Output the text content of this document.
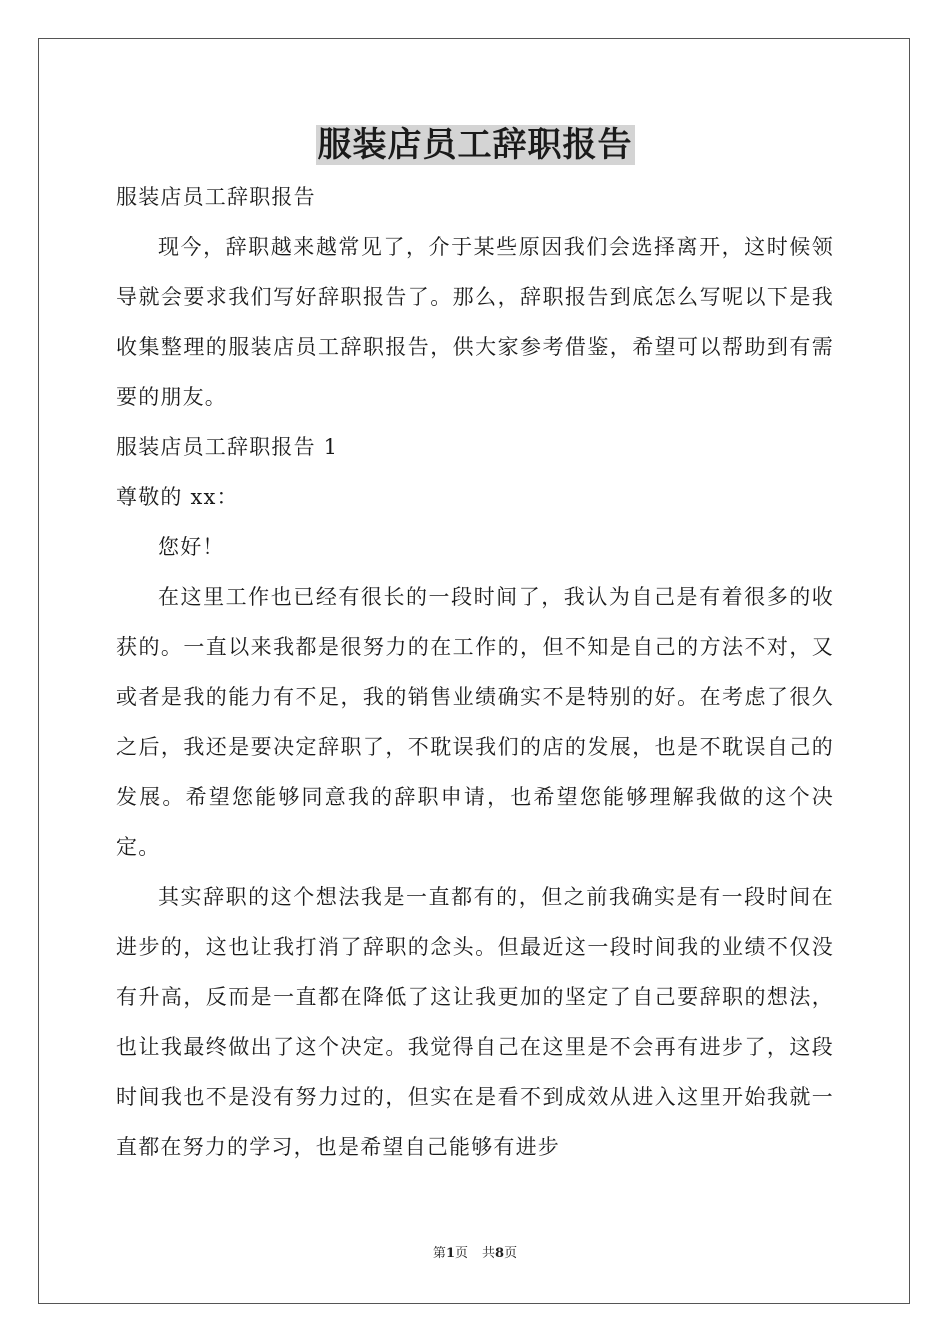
服装店员工辞职报告

服装店员工辞职报告

现今，辞职越来越常见了，介于某些原因我们会选择离开，这时候领导就会要求我们写好辞职报告了。那么，辞职报告到底怎么写呢以下是我收集整理的服装店员工辞职报告，供大家参考借鉴，希望可以帮助到有需要的朋友。

服装店员工辞职报告 1

尊敬的 xx：

您好！

在这里工作也已经有很长的一段时间了，我认为自己是有着很多的收获的。一直以来我都是很努力的在工作的，但不知是自己的方法不对，又或者是我的能力有不足，我的销售业绩确实不是特别的好。在考虑了很久之后，我还是要决定辞职了，不耽误我们的店的发展，也是不耽误自己的发展。希望您能够同意我的辞职申请，也希望您能够理解我做的这个决定。

其实辞职的这个想法我是一直都有的，但之前我确实是有一段时间在进步的，这也让我打消了辞职的念头。但最近这一段时间我的业绩不仅没有升高，反而是一直都在降低了这让我更加的坚定了自己要辞职的想法，也让我最终做出了这个决定。我觉得自己在这里是不会再有进步了，这段时间我也不是没有努力过的，但实在是看不到成效从进入这里开始我就一直都在努力的学习，也是希望自己能够有进步

第1页 共8页
